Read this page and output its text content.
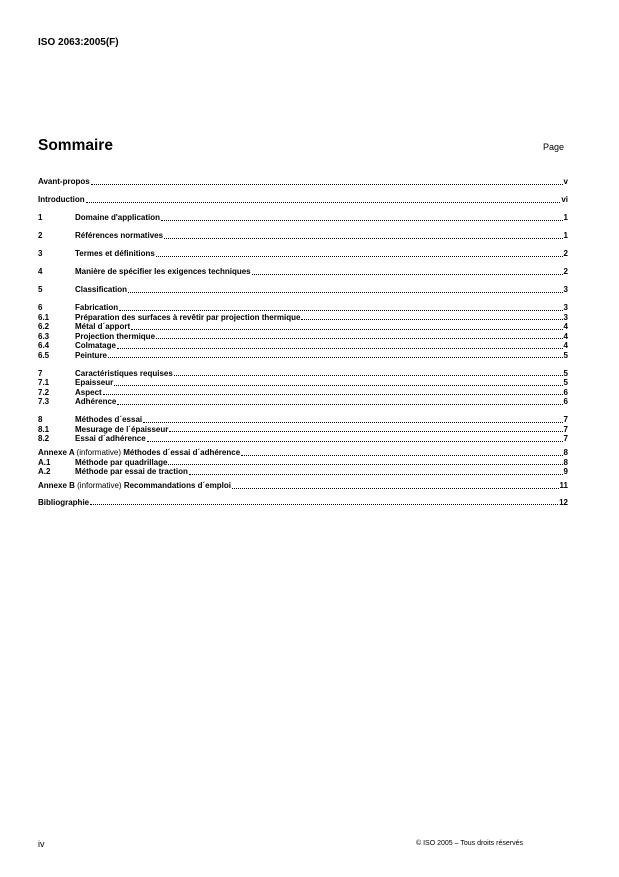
ISO 2063:2005(F)
Sommaire	Page
Avant-propos	v
Introduction	vi
1	Domaine d'application	1
2	Références normatives	1
3	Termes et définitions	2
4	Manière de spécifier les exigences techniques	2
5	Classification	3
6	Fabrication	3
6.1	Préparation des surfaces à revêtir par projection thermique	3
6.2	Métal d´apport	4
6.3	Projection thermique	4
6.4	Colmatage	4
6.5	Peinture	5
7	Caractéristiques requises	5
7.1	Epaisseur	5
7.2	Aspect	6
7.3	Adhérence	6
8	Méthodes d´essai	7
8.1	Mesurage de l´épaisseur	7
8.2	Essai d´adhérence	7
Annexe A (informative) Méthodes d´essai d´adhérence	8
A.1	Méthode par quadrillage	8
A.2	Méthode par essai de traction	9
Annexe B (informative) Recommandations d´emploi	11
Bibliographie	12
iv	© ISO 2005 – Tous droits réservés
